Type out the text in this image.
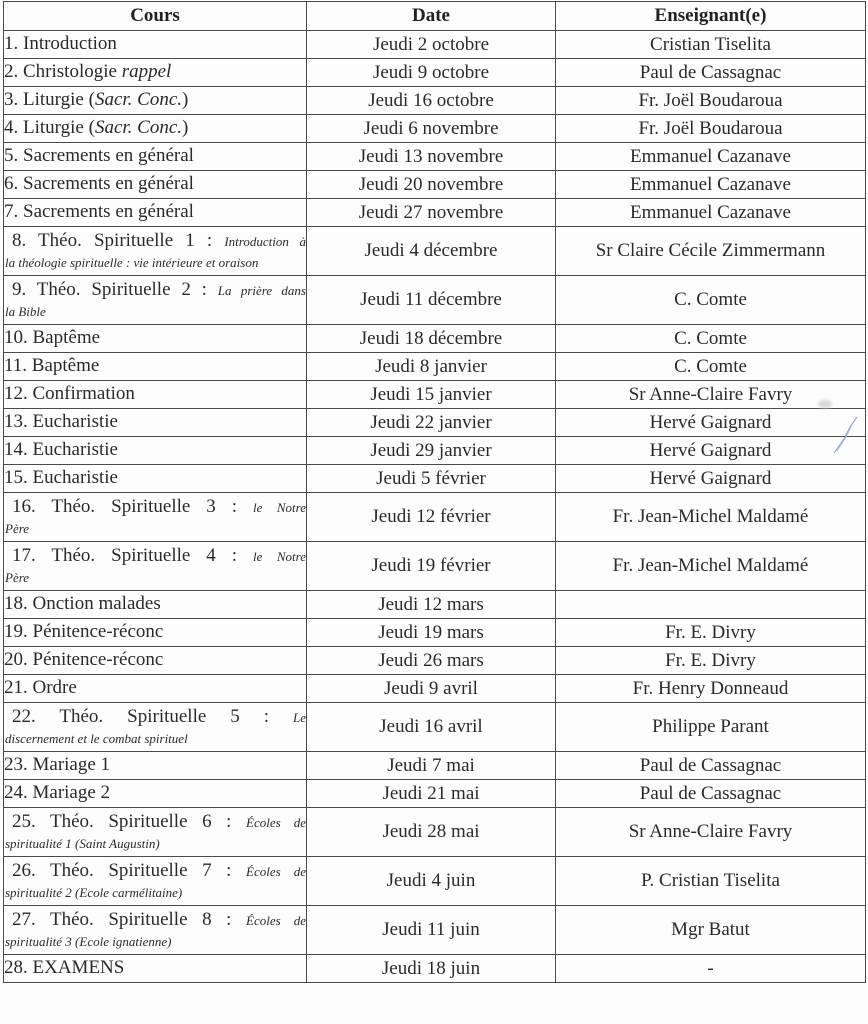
Cours	Date	Enseignant(e)
1. Introduction	Jeudi 2 octobre	Cristian Tiselita
2. Christologie rappel	Jeudi 9 octobre	Paul de Cassagnac
3. Liturgie (Sacr. Conc.)	Jeudi 16 octobre	Fr. Joël Boudaroua
4. Liturgie (Sacr. Conc.)	Jeudi 6 novembre	Fr. Joël Boudaroua
5. Sacrements en général	Jeudi 13 novembre	Emmanuel Cazanave
6. Sacrements en général	Jeudi 20 novembre	Emmanuel Cazanave
7. Sacrements en général	Jeudi 27 novembre	Emmanuel Cazanave

8. Théo. Spirituelle 1 : Introduction à
la théologie spirituelle : vie intérieure et oraison	Jeudi 4 décembre	Sr Claire Cécile Zimmermann

9. Théo. Spirituelle 2 : La prière dans
la Bible	Jeudi 11 décembre	C. Comte
10. Baptême	Jeudi 18 décembre	C. Comte
11. Baptême	Jeudi 8 janvier	C. Comte
12. Confirmation	Jeudi 15 janvier	Sr Anne-Claire Favry
13. Eucharistie	Jeudi 22 janvier	Hervé Gaignard
14. Eucharistie	Jeudi 29 janvier	Hervé Gaignard
15. Eucharistie	Jeudi 5 février	Hervé Gaignard

16. Théo. Spirituelle 3 : le Notre
Père	Jeudi 12 février	Fr. Jean-Michel Maldamé

17. Théo. Spirituelle 4 : le Notre
Père	Jeudi 19 février	Fr. Jean-Michel Maldamé
18. Onction malades	Jeudi 12 mars	
19. Pénitence-réconc	Jeudi 19 mars	Fr. E. Divry
20. Pénitence-réconc	Jeudi 26 mars	Fr. E. Divry
21. Ordre	Jeudi 9 avril	Fr. Henry Donneaud

22. Théo. Spirituelle 5 : Le
discernement et le combat spirituel	Jeudi 16 avril	Philippe Parant
23. Mariage 1	Jeudi 7 mai	Paul de Cassagnac
24. Mariage 2	Jeudi 21 mai	Paul de Cassagnac

25. Théo. Spirituelle 6 : Écoles de
spiritualité 1 (Saint Augustin)	Jeudi 28 mai	Sr Anne-Claire Favry

26. Théo. Spirituelle 7 : Écoles de
spiritualité 2 (Ecole carmélitaine)	Jeudi 4 juin	P. Cristian Tiselita

27. Théo. Spirituelle 8 : Écoles de
spiritualité 3 (Ecole ignatienne)	Jeudi 11 juin	Mgr Batut
28. EXAMENS	Jeudi 18 juin	-
